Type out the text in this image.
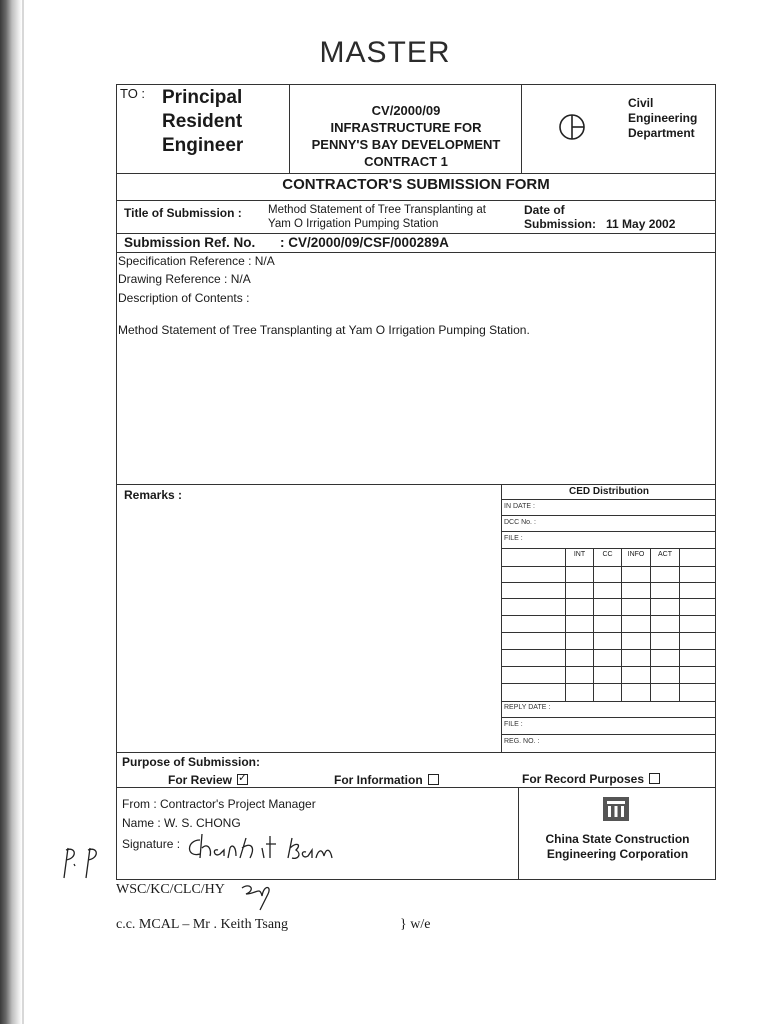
MASTER
TO : Principal
Resident
Engineer
CV/2000/09
INFRASTRUCTURE FOR
PENNY'S BAY DEVELOPMENT
CONTRACT 1
Civil
Engineering
Department
CONTRACTOR'S SUBMISSION FORM
Title of Submission : Method Statement of Tree Transplanting at
Yam O Irrigation Pumping Station
Date of
Submission: 11 May 2002
Submission Ref. No. : CV/2000/09/CSF/000289A
Specification Reference : N/A
Drawing Reference : N/A
Description of Contents :
Method Statement of Tree Transplanting at Yam O Irrigation Pumping Station.
Remarks :	CED Distribution
IN DATE :
DCC No. :
FILE :
INT	CC	INFO	ACT
REPLY DATE :
FILE :
REG. NO. :
Purpose of Submission:
For Review✓	For Information	For Record Purposes
From : Contractor's Project Manager
Name : W. S. CHONG
Signature :	China State Construction
Engineering Corporation
WSC/KC/CLC/HY
c.c. MCAL – Mr . Keith Tsang	} w/e
